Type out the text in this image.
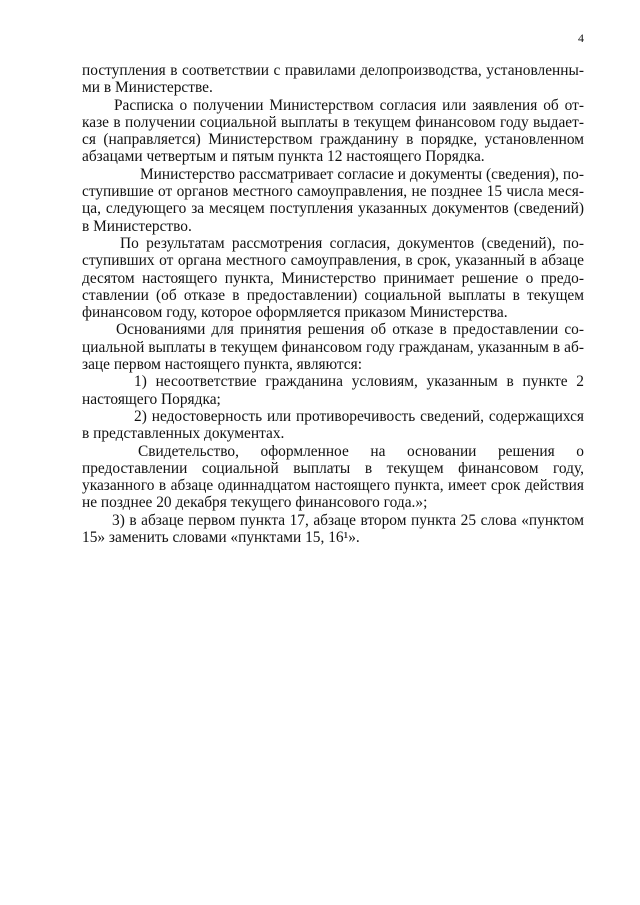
4

поступления в соответствии с правилами делопроизводства, установленными в Министерстве.

Расписка о получении Министерством согласия или заявления об отказе в получении социальной выплаты в текущем финансовом году выдается (направляется) Министерством гражданину в порядке, установленном абзацами четвертым и пятым пункта 12 настоящего Порядка.

Министерство рассматривает согласие и документы (сведения), поступившие от органов местного самоуправления, не позднее 15 числа месяца, следующего за месяцем поступления указанных документов (сведений) в Министерство.

По результатам рассмотрения согласия, документов (сведений), поступивших от органа местного самоуправления, в срок, указанный в абзаце десятом настоящего пункта, Министерство принимает решение о предоставлении (об отказе в предоставлении) социальной выплаты в текущем финансовом году, которое оформляется приказом Министерства.

Основаниями для принятия решения об отказе в предоставлении социальной выплаты в текущем финансовом году гражданам, указанным в абзаце первом настоящего пункта, являются:

1) несоответствие гражданина условиям, указанным в пункте 2 настоящего Порядка;

2) недостоверность или противоречивость сведений, содержащихся в представленных документах.

Свидетельство, оформленное на основании решения о предоставлении социальной выплаты в текущем финансовом году, указанного в абзаце одиннадцатом настоящего пункта, имеет срок действия не позднее 20 декабря текущего финансового года.»;

3) в абзаце первом пункта 17, абзаце втором пункта 25 слова «пунктом 15» заменить словами «пунктами 15, 16¹».
